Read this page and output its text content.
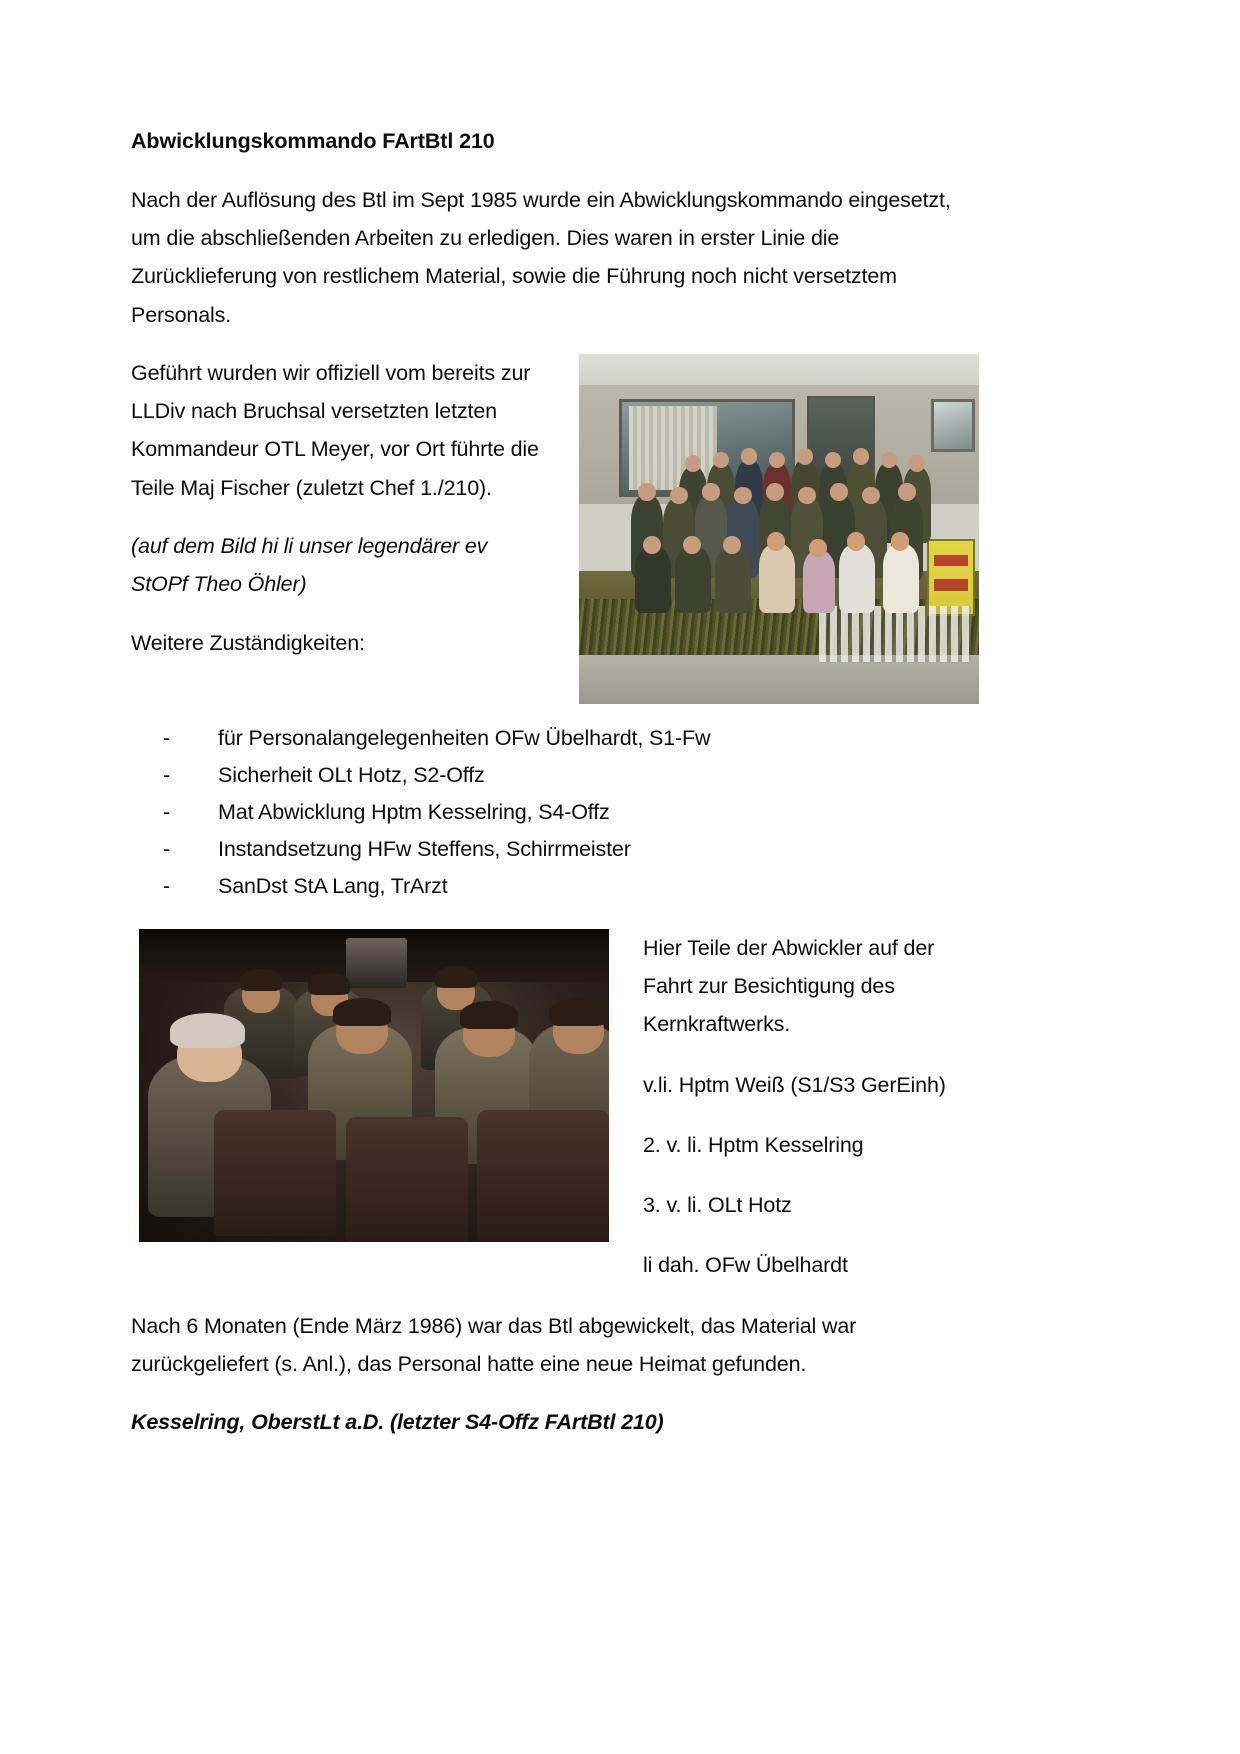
Abwicklungskommando FArtBtl 210

Nach der Auflösung des Btl im Sept 1985 wurde ein Abwicklungskommando eingesetzt, um die abschließenden Arbeiten zu erledigen. Dies waren in erster Linie die Zurücklieferung von restlichem Material, sowie die Führung noch nicht versetztem Personals.

Geführt wurden wir offiziell vom bereits zur LLDiv nach Bruchsal versetzten letzten Kommandeur OTL Meyer, vor Ort führte die Teile Maj Fischer (zuletzt Chef 1./210).

(auf dem Bild hi li unser legendärer ev StOPf Theo Öhler)

Weitere Zuständigkeiten:

- für Personalangelegenheiten OFw Übelhardt, S1-Fw
- Sicherheit OLt Hotz, S2-Offz
- Mat Abwicklung Hptm Kesselring, S4-Offz
- Instandsetzung HFw Steffens, Schirrmeister
- SanDst StA Lang, TrArzt

Hier Teile der Abwickler auf der Fahrt zur Besichtigung des Kernkraftwerks.

v.li. Hptm Weiß (S1/S3 GerEinh)

2. v. li. Hptm Kesselring

3. v. li. OLt Hotz

li dah. OFw Übelhardt

Nach 6 Monaten (Ende März 1986) war das Btl abgewickelt, das Material war zurückgeliefert (s. Anl.), das Personal hatte eine neue Heimat gefunden.

Kesselring, OberstLt a.D. (letzter S4-Offz FArtBtl 210)
